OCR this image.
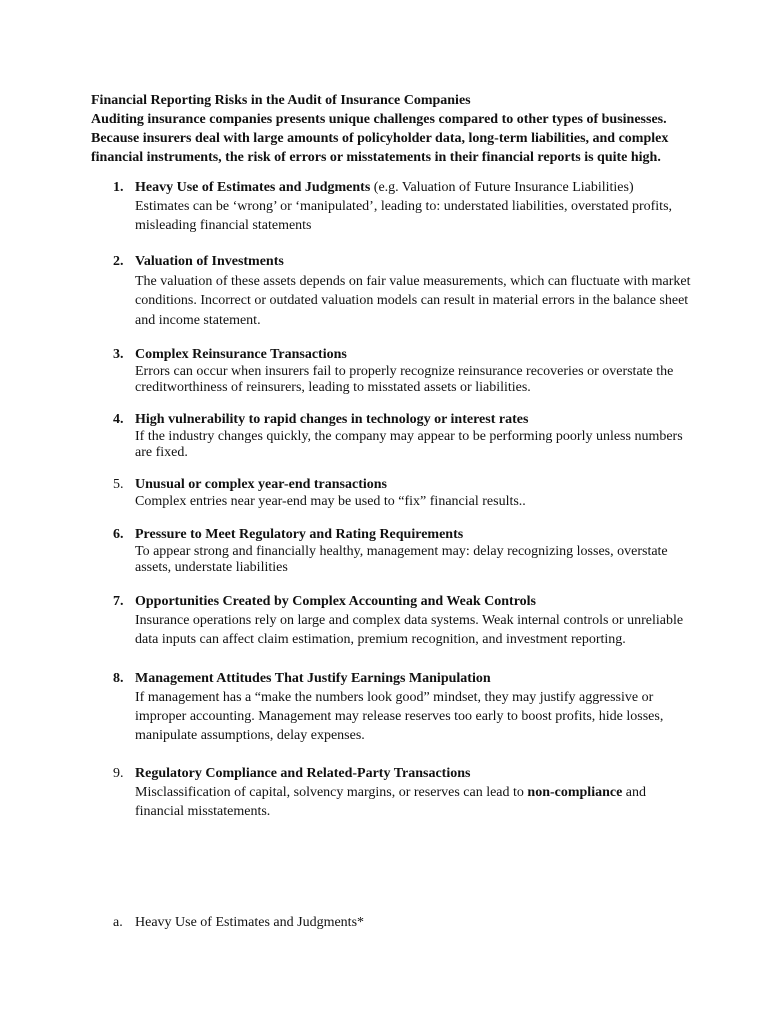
Financial Reporting Risks in the Audit of Insurance Companies
Auditing insurance companies presents unique challenges compared to other types of businesses. Because insurers deal with large amounts of policyholder data, long-term liabilities, and complex financial instruments, the risk of errors or misstatements in their financial reports is quite high.
1. Heavy Use of Estimates and Judgments (e.g. Valuation of Future Insurance Liabilities)
Estimates can be ‘wrong’ or ‘manipulated’, leading to: understated liabilities, overstated profits, misleading financial statements
2. Valuation of Investments
The valuation of these assets depends on fair value measurements, which can fluctuate with market conditions. Incorrect or outdated valuation models can result in material errors in the balance sheet and income statement.
3. Complex Reinsurance Transactions
Errors can occur when insurers fail to properly recognize reinsurance recoveries or overstate the creditworthiness of reinsurers, leading to misstated assets or liabilities.
4. High vulnerability to rapid changes in technology or interest rates
If the industry changes quickly, the company may appear to be performing poorly unless numbers are fixed.
5. Unusual or complex year-end transactions
Complex entries near year-end may be used to “fix” financial results..
6. Pressure to Meet Regulatory and Rating Requirements
To appear strong and financially healthy, management may: delay recognizing losses, overstate assets, understate liabilities
7. Opportunities Created by Complex Accounting and Weak Controls
Insurance operations rely on large and complex data systems. Weak internal controls or unreliable data inputs can affect claim estimation, premium recognition, and investment reporting.
8. Management Attitudes That Justify Earnings Manipulation
If management has a “make the numbers look good” mindset, they may justify aggressive or improper accounting. Management may release reserves too early to boost profits, hide losses, manipulate assumptions, delay expenses.
9. Regulatory Compliance and Related-Party Transactions
Misclassification of capital, solvency margins, or reserves can lead to non-compliance and financial misstatements.
a. Heavy Use of Estimates and Judgments*
